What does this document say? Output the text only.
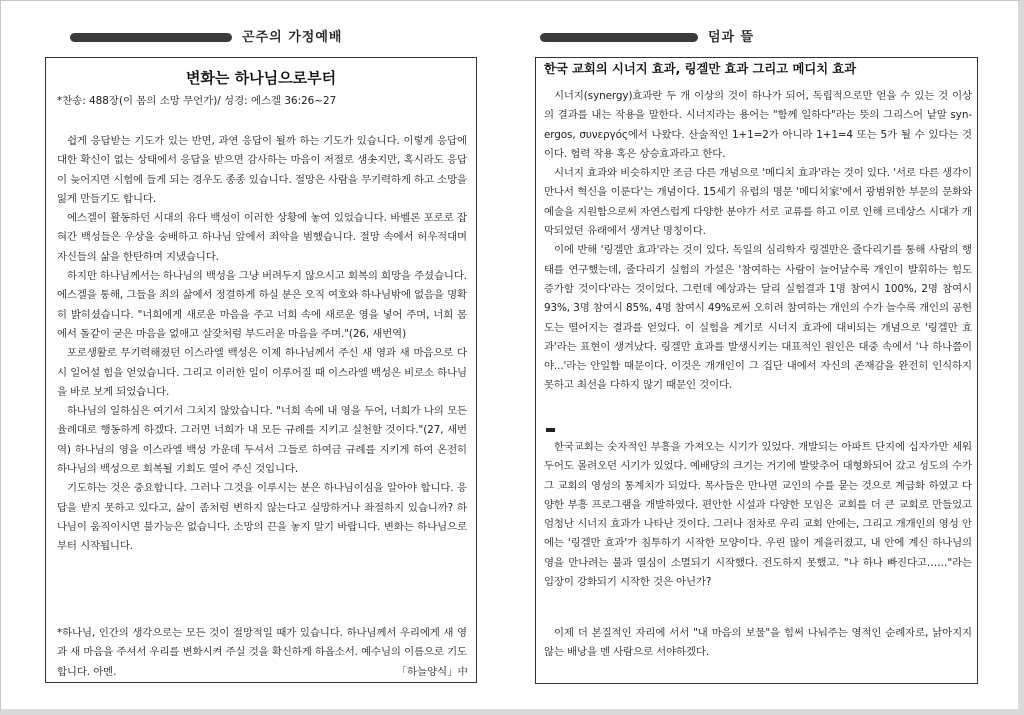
곤주의 가정예배
변화는 하나님으로부터
*찬송: 488장(이 몸의 소망 무언가)/ 성경: 에스겔 36:26~27

쉽게 응답받는 기도가 있는 반면, 과연 응답이 될까 하는 기도가 있습니다. 이렇게 응답에 대한 확신이 없는 상태에서 응답을 받으면 감사하는 마음이 저절로 샘솟지만, 혹시라도 응답이 늦어지면 시험에 들게 되는 경우도 종종 있습니다. 절망은 사람을 무기력하게 하고 소망을 잃게 만들기도 합니다.

에스겔이 활동하던 시대의 유다 백성이 이러한 상황에 놓여 있었습니다. 바벨론 포로로 잡혀간 백성들은 우상을 숭배하고 하나님 앞에서 죄악을 범했습니다. 절망 속에서 허우적대며 자신들의 삶을 한탄하며 지냈습니다.

하지만 하나님께서는 하나님의 백성을 그냥 버려두지 않으시고 회복의 희망을 주셨습니다. 에스겔을 통해, 그들을 죄의 삶에서 정결하게 하실 분은 오직 여호와 하나님밖에 없음을 명확히 밝히셨습니다. "너희에게 새로운 마음을 주고 너희 속에 새로운 영을 넣어 주며, 너희 몸에서 돌같이 굳은 마음을 없애고 살갗처럼 부드러운 마음을 주며."(26, 새번역)

포로생활로 무기력해졌던 이스라엘 백성은 이제 하나님께서 주신 새 영과 새 마음으로 다시 일어설 힘을 얻었습니다. 그리고 이러한 일이 이루어질 때 이스라엘 백성은 비로소 하나님을 바로 보게 되었습니다.

하나님의 일하심은 여기서 그치지 않았습니다. "너희 속에 내 영을 두어, 너희가 나의 모든 율례대로 행동하게 하겠다. 그러면 너희가 내 모든 규례를 지키고 실천할 것이다."(27, 새번역) 하나님의 영을 이스라엘 백성 가운데 두셔서 그들로 하여금 규례를 지키게 하여 온전히 하나님의 백성으로 회복될 기회도 열어 주신 것입니다.

기도하는 것은 중요합니다. 그러나 그것을 이루시는 분은 하나님이심을 알아야 합니다. 응답을 받지 못하고 있다고, 삶이 좀처럼 변하지 않는다고 실망하거나 좌절하지 있습니까? 하나님이 움직이시면 불가능은 없습니다. 소망의 끈을 놓지 말기 바랍니다. 변화는 하나님으로부터 시작됩니다.

*하나님, 인간의 생각으로는 모든 것이 절망적일 때가 있습니다. 하나님께서 우리에게 새 영과 새 마음을 주셔서 우리를 변화시켜 주실 것을 확신하게 하옵소서. 예수님의 이름으로 기도합니다. 아멘.	「하늘양식」中
덤과 뜰
한국 교회의 시너지 효과, 링겔만 효과 그리고 메디치 효과

시너지(synergy)효과란 두 개 이상의 것이 하나가 되어, 독립적으로만 얻을 수 있는 것 이상의 결과를 내는 작용을 말한다. 시너지라는 용어는 "함께 일하다"라는 뜻의 그리스어 낱말 syn-ergos, συνεργός에서 나왔다. 산술적인 1+1=2가 아니라 1+1=4 또는 5가 될 수 있다는 것이다. 협력 작용 혹은 상승효과라고 한다.

시너지 효과와 비슷하지만 조금 다른 개념으로 '메디치 효과'라는 것이 있다. '서로 다른 생각이 만나서 혁신을 이룬다'는 개념이다. 15세기 유럽의 명문 '메디치家'에서 광범위한 부문의 문화와 예술을 지원함으로써 자연스럽게 다양한 분야가 서로 교류를 하고 이로 인해 르네상스 시대가 개막되었던 유래에서 생겨난 명칭이다.

이에 반해 '링겔만 효과'라는 것이 있다. 독일의 심리학자 링겔만은 줄다리기를 통해 사람의 행태를 연구했는데, 줄다리기 실험의 가설은 '참여하는 사람이 늘어날수록 개인이 발휘하는 힘도 증가할 것이다'라는 것이었다. 그런데 예상과는 달리 실험결과 1명 참여시 100%, 2명 참여시 93%, 3명 참여시 85%, 4명 참여시 49%로써 오히려 참여하는 개인의 수가 늘수록 개인의 공헌도는 떨어지는 결과를 얻었다. 이 실험을 계기로 시너지 효과에 대비되는 개념으로 '링겔만 효과'라는 표현이 생겨났다. 링겔만 효과를 발생시키는 대표적인 원인은 대중 속에서 '나 하나쯤이야...'라는 안일함 때문이다. 이것은 개개인이 그 집단 내에서 자신의 존재감을 완전히 인식하지 못하고 최선을 다하지 않기 때문인 것이다.

한국교회는 숫자적인 부흥을 가져오는 시기가 있었다. 개발되는 아파트 단지에 십자가만 세워두어도 몰려오던 시기가 있었다. 예배당의 크기는 거기에 발맞추어 대형화되어 갔고 성도의 수가 그 교회의 영성의 통계치가 되었다. 목사들은 만나면 교인의 수를 묻는 것으로 계급화 하였고 다양한 부흥 프로그램을 개발하였다. 편안한 시설과 다양한 모임은 교회를 더 큰 교회로 만들었고 엄청난 시너지 효과가 나타난 것이다. 그러나 점차로 우리 교회 안에는, 그리고 개개인의 영성 안에는 '링겔만 효과'가 침투하기 시작한 모양이다. 우린 많이 게을러졌고, 내 안에 계신 하나님의 영을 만나려는 불과 열심이 소멸되기 시작했다. 전도하지 못했고. "나 하나 빠진다고……"라는 입장이 강화되기 시작한 것은 아닌가?

이제 더 본질적인 자리에 서서 "내 마음의 보물"을 힘써 나눠주는 영적인 순례자로, 낡아지지 않는 배낭을 멘 사람으로 서야하겠다.
